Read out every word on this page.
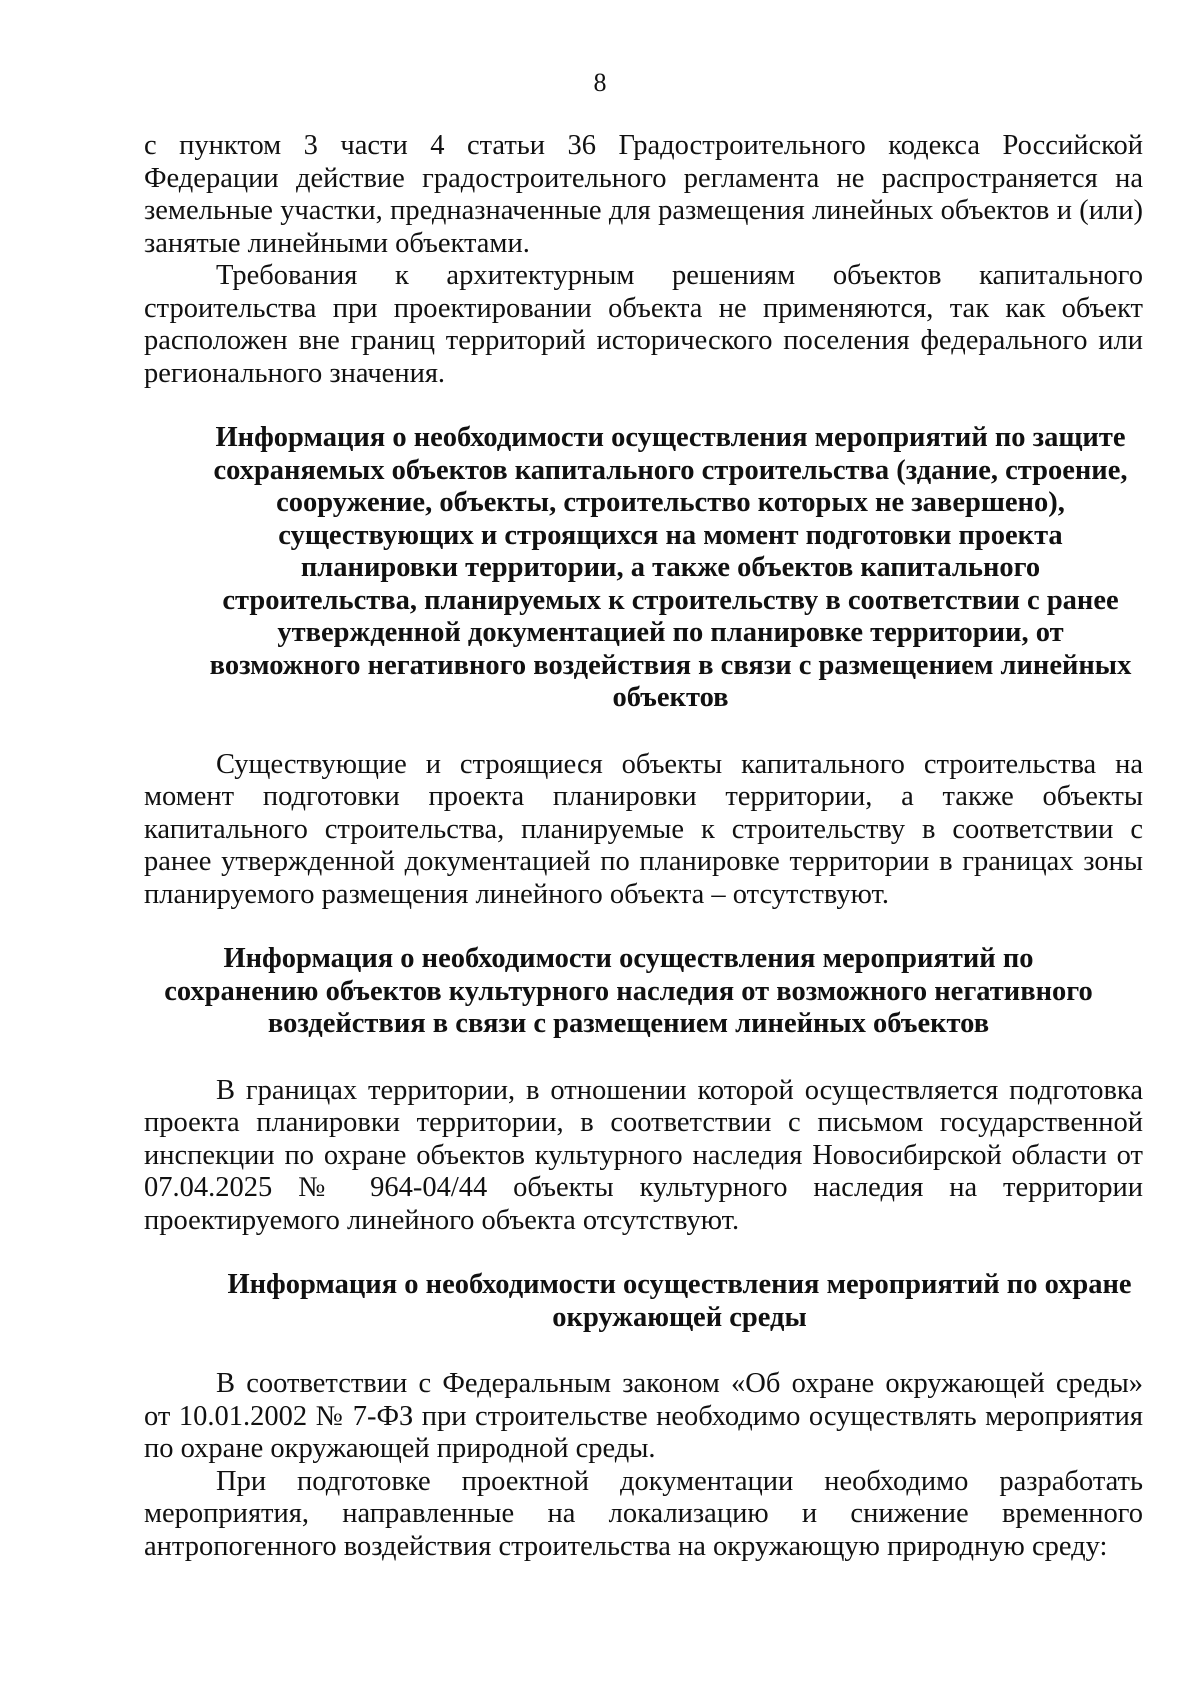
8

с пунктом 3 части 4 статьи 36 Градостроительного кодекса Российской Федерации действие градостроительного регламента не распространяется на земельные участки, предназначенные для размещения линейных объектов и (или) занятые линейными объектами.

Требования к архитектурным решениям объектов капитального строительства при проектировании объекта не применяются, так как объект расположен вне границ территорий исторического поселения федерального или регионального значения.

Информация о необходимости осуществления мероприятий по защите сохраняемых объектов капитального строительства (здание, строение, сооружение, объекты, строительство которых не завершено), существующих и строящихся на момент подготовки проекта планировки территории, а также объектов капитального строительства, планируемых к строительству в соответствии с ранее утвержденной документацией по планировке территории, от возможного негативного воздействия в связи с размещением линейных объектов

Существующие и строящиеся объекты капитального строительства на момент подготовки проекта планировки территории, а также объекты капитального строительства, планируемые к строительству в соответствии с ранее утвержденной документацией по планировке территории в границах зоны планируемого размещения линейного объекта – отсутствуют.

Информация о необходимости осуществления мероприятий по сохранению объектов культурного наследия от возможного негативного воздействия в связи с размещением линейных объектов

В границах территории, в отношении которой осуществляется подготовка проекта планировки территории, в соответствии с письмом государственной инспекции по охране объектов культурного наследия Новосибирской области от 07.04.2025 № 964-04/44 объекты культурного наследия на территории проектируемого линейного объекта отсутствуют.

Информация о необходимости осуществления мероприятий по охране окружающей среды

В соответствии с Федеральным законом «Об охране окружающей среды» от 10.01.2002 № 7-ФЗ при строительстве необходимо осуществлять мероприятия по охране окружающей природной среды.

При подготовке проектной документации необходимо разработать мероприятия, направленные на локализацию и снижение временного антропогенного воздействия строительства на окружающую природную среду:
